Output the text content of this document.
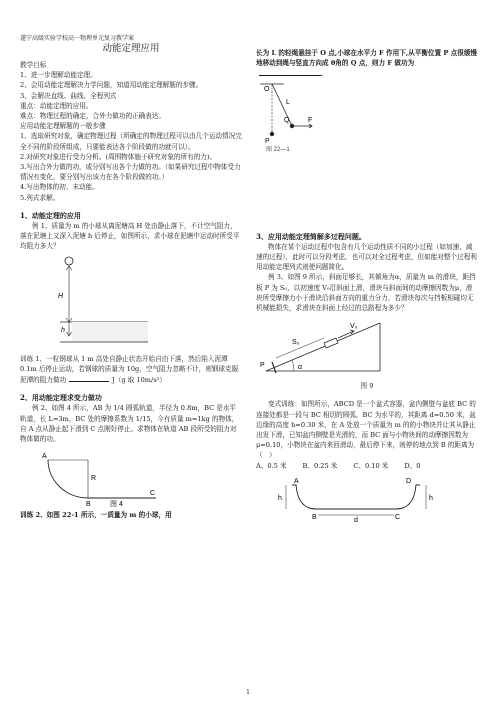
遂宁高级实验学校高一物理单元复习教学案
动能定理应用

教学目标

1、进一步理解动能定理。

2、会用动能定理解决力学问题，知道用动能定理解题的步骤。

3、会解决直线、曲线、全程列式

重点：动能定理的应用。

难点：物理过程的确定，合外力做功的正确表达。

应用动能定理解题的一般步骤

1、选取研究对象，确定物理过程（所确定的物理过程可以由几个运动情况完全不同的阶段所组成，只要能表达各个阶段做的功就可以）。

2.对研究对象进行受力分析。(周围物体施于研究对象的所有的力)。

3.写出合外力做的功，或分别写出各个力做的功。（如果研究过程中物体受力情况有变化，要分别写出该力在各个阶段做的功。）

4.写出物体的初、末动能。

5.列式求解。

1、动能定理的应用

例 1、质量为 m 的小球从离泥塘高 H 处由静止落下，不计空气阻力，落在泥塘上又深入泥塘 h 后停止，如图所示，求小球在泥塘中运动时所受平均阻力多大？

H
h

训练 1、一粒钢球从 1 m 高处自静止状态开始自由下落，然后陷入泥潭 0.1m 后停止运动，若钢球的质量为 10g，空气阻力忽略不计，则钢球克服泥潭的阻力做功	J（g 取 10m/s²）

2、用动能定理求变力做功

例 2、如图 4 所示，AB 为 1/4 圆弧轨道，半径为 0.8m，BC 是水平轨道，长 L=3m，BC 处的摩擦系数为 1/15，今有质量 m=1kg 的物体，自 A 点从静止起下滑到 C 点刚好停止。求物体在轨道 AB 段所受的阻力对物体做的功。

A
R
B
C
图 4

训练 2、如图 22-1 所示，一质量为 m 的小球，用

长为 L 的轻绳悬挂于 O 点,小球在水平力 F 作用下,从平衡位置 P 点很缓慢地移动到绳与竖直方向成 θ角的 Q 点，则力 F 做功为.

O
L
Q	F
P
图 22—1

3、应用动能定理简解多过程问题。

物体在某个运动过程中包含有几个运动性质不同的小过程（如加速、减速的过程），此时可以分段考虑，也可以对全过程考虑，但如能对整个过程利用动能定理列式则使问题简化。

例 3、如图 9 所示，斜面足够长，其倾角为α，质量为 m 的滑块，距挡板 P 为 S₀，以初速度 V₀沿斜面上滑，滑块与斜面间的动摩擦因数为μ，滑块所受摩擦力小于滑块沿斜面方向的重力分力，若滑块每次与挡板相碰均无机械能损失，求滑块在斜面上经过的总路程为多少？

P
V₀
S₀
α

图 9

变式训练：如图所示，ABCD 是一个盆式容器，盆内侧壁与盆底 BC 的连接处都是一段与 BC 相切的圆弧，BC 为水平的，其距离 d=0.50 米，盆边缘的高度 h=0.30 米，在 A 处放一个质量为 m 的的小物块并让其从静止出发下滑，已知盆内侧壁是光滑的，而 BC 面与小物块间的动摩擦因数为μ=0.10，小物块在盆内来回滑动，最后停下来，则停的地点到 B 的距离为（　）

A、0.5 米 B、0.25 米 C、0.10 米 D、0

A	D
h	h
B	d	C
1
